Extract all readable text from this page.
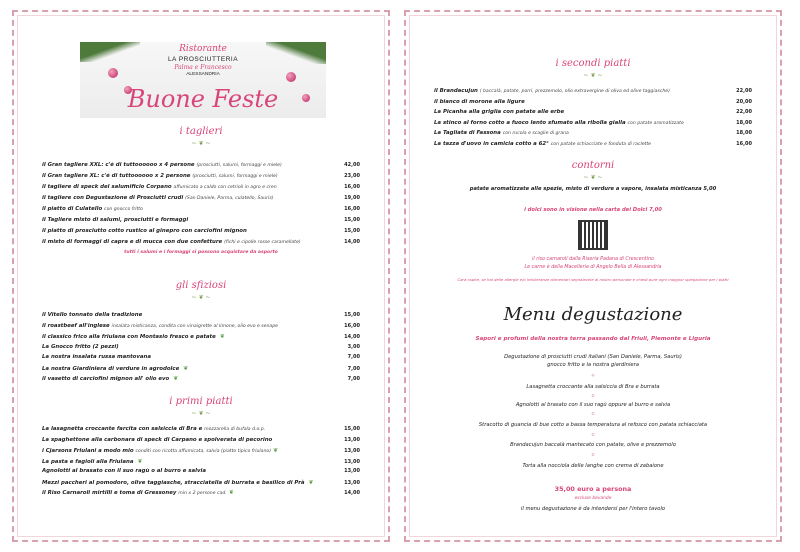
Ristorante
LA PROSCIUTTERIA
Palma e Francesco
ALESSANDRIA
Buone Feste
i taglieri
~ ❦ ~
il Gran tagliere XXL: c'è di tuttoooooo x 4 persone (prosciutti, salumi, formaggi e miele)	42,00
il Gran tagliere XL: c'è di tuttoooooo x 2 persone (prosciutti, salumi, formaggi e miele)	23,00
il tagliere di speck del salumificio Corpano affumicato a caldo con cetrioli in agro e cren	16,00
il tagliere con Degustazione di Prosciutti crudi (San Daniele, Parma, culatello, Sauris)	19,00
il piatto di Culatello con gnocco fritto	16,00
il Tagliere misto di salumi, prosciutti e formaggi	15,00
il piatto di prosciutto cotto rustico al ginepro con carciofini mignon	15,00
il misto di formaggi di capra e di mucca con due confetture (fichi e cipolle rosse caramellate)	14,00
tutti i salumi e i formaggi si possono acquistare da asporto
gli sfiziosi
~ ❦ ~
il Vitello tonnato della tradizione	15,00
il roastbeef all'inglese insalata misticanza, condita con vinaigrette al limone, olio evo e senape	16,00
il classico frico alla friulana con Montasio fresco e patate ❦	14,00
La Gnocco fritto (2 pezzi)	3,00
La nostra insalata russa mantovana	7,00
La nostra Giardiniera di verdure in agrodolce ❦	7,00
il vasetto di carciofini mignon all' olio evo ❦	7,00
i primi piatti
~ ❦ ~
La lasagnetta croccante farcita con salsiccia di Bra e mozzarella di bufala d.o.p.	15,00
La spaghettone alla carbonara di speck di Carpano e spolverata di pecorino	13,00
i Cjarsons Friulani a modo mio conditi con ricotta affumicata, salvia (piatto tipico friulano) ❦	13,00
La pasta e fagioli alla Friulana ❦	13,00
Agnolotti al brasato con il suo ragù o al burro e salvia	13,00
Mezzi paccheri al pomodoro, olive taggiasche, stracciatella di burrata e basilico di Prà ❦	13,00
il Riso Carnaroli mirtilli e toma di Gressoney min x 2 persone cad. ❦	14,00
i secondi piatti
~ ❦ ~
il Brandacujun ( baccalà, patate, porri, prezzemolo, olio extravergine di oliva ed olive taggiasche)	22,00
il bianco di morone alla ligure	20,00
La Picanha alla griglia con patate alle erbe	22,00
La stinco al forno cotto a fuoco lento sfumato alla ribolla gialla con patate aromatizzate	18,00
La Tagliata di Fassona con rucola e scaglie di grana	18,00
La tazza d'uovo in camicia cotto a 62° con patate schiacciate e fonduta di raclette	16,00
contorni
~ ❦ ~
patate aromatizzate alle spezie, misto di verdure a vapore, insalata misticanza 5,00
i dolci sono in visione nella carta dei Dolci 7,00
il riso carnaroli dalla Riseria Padana di Crescentino
Le carne è della Macelleria di Angelo Bella di Alessandria
Cara ospite, se hai delle allergie e/o intolleranze alimentari segnalacele al nostro personale e chiedi pure ogni maggior spiegazione per i piatti
Menu degustazione
Sapori e profumi della nostra terra passando dal Friuli, Piemonte e Liguria
Degustazione di prosciutti crudi italiani (San Daniele, Parma, Sauris)
gnocco fritto e la nostra giardiniera
⟡
Lasagnetta croccante alla salsiccia di Bra e burrata
o
Agnolotti al brasato con il suo ragù oppure al burro e salvia
o
Stracotto di guancia di bue cotto a bassa temperatura al refosco con patata schiacciata
o
Brandacujun baccalà mantecato con patate, olive e prezzemolo
o
Torta alla nocciola delle langhe con crema di zabaione
35,00 euro a persona
escluse bevande
il menu degustazione è da intendersi per l'intero tavolo
